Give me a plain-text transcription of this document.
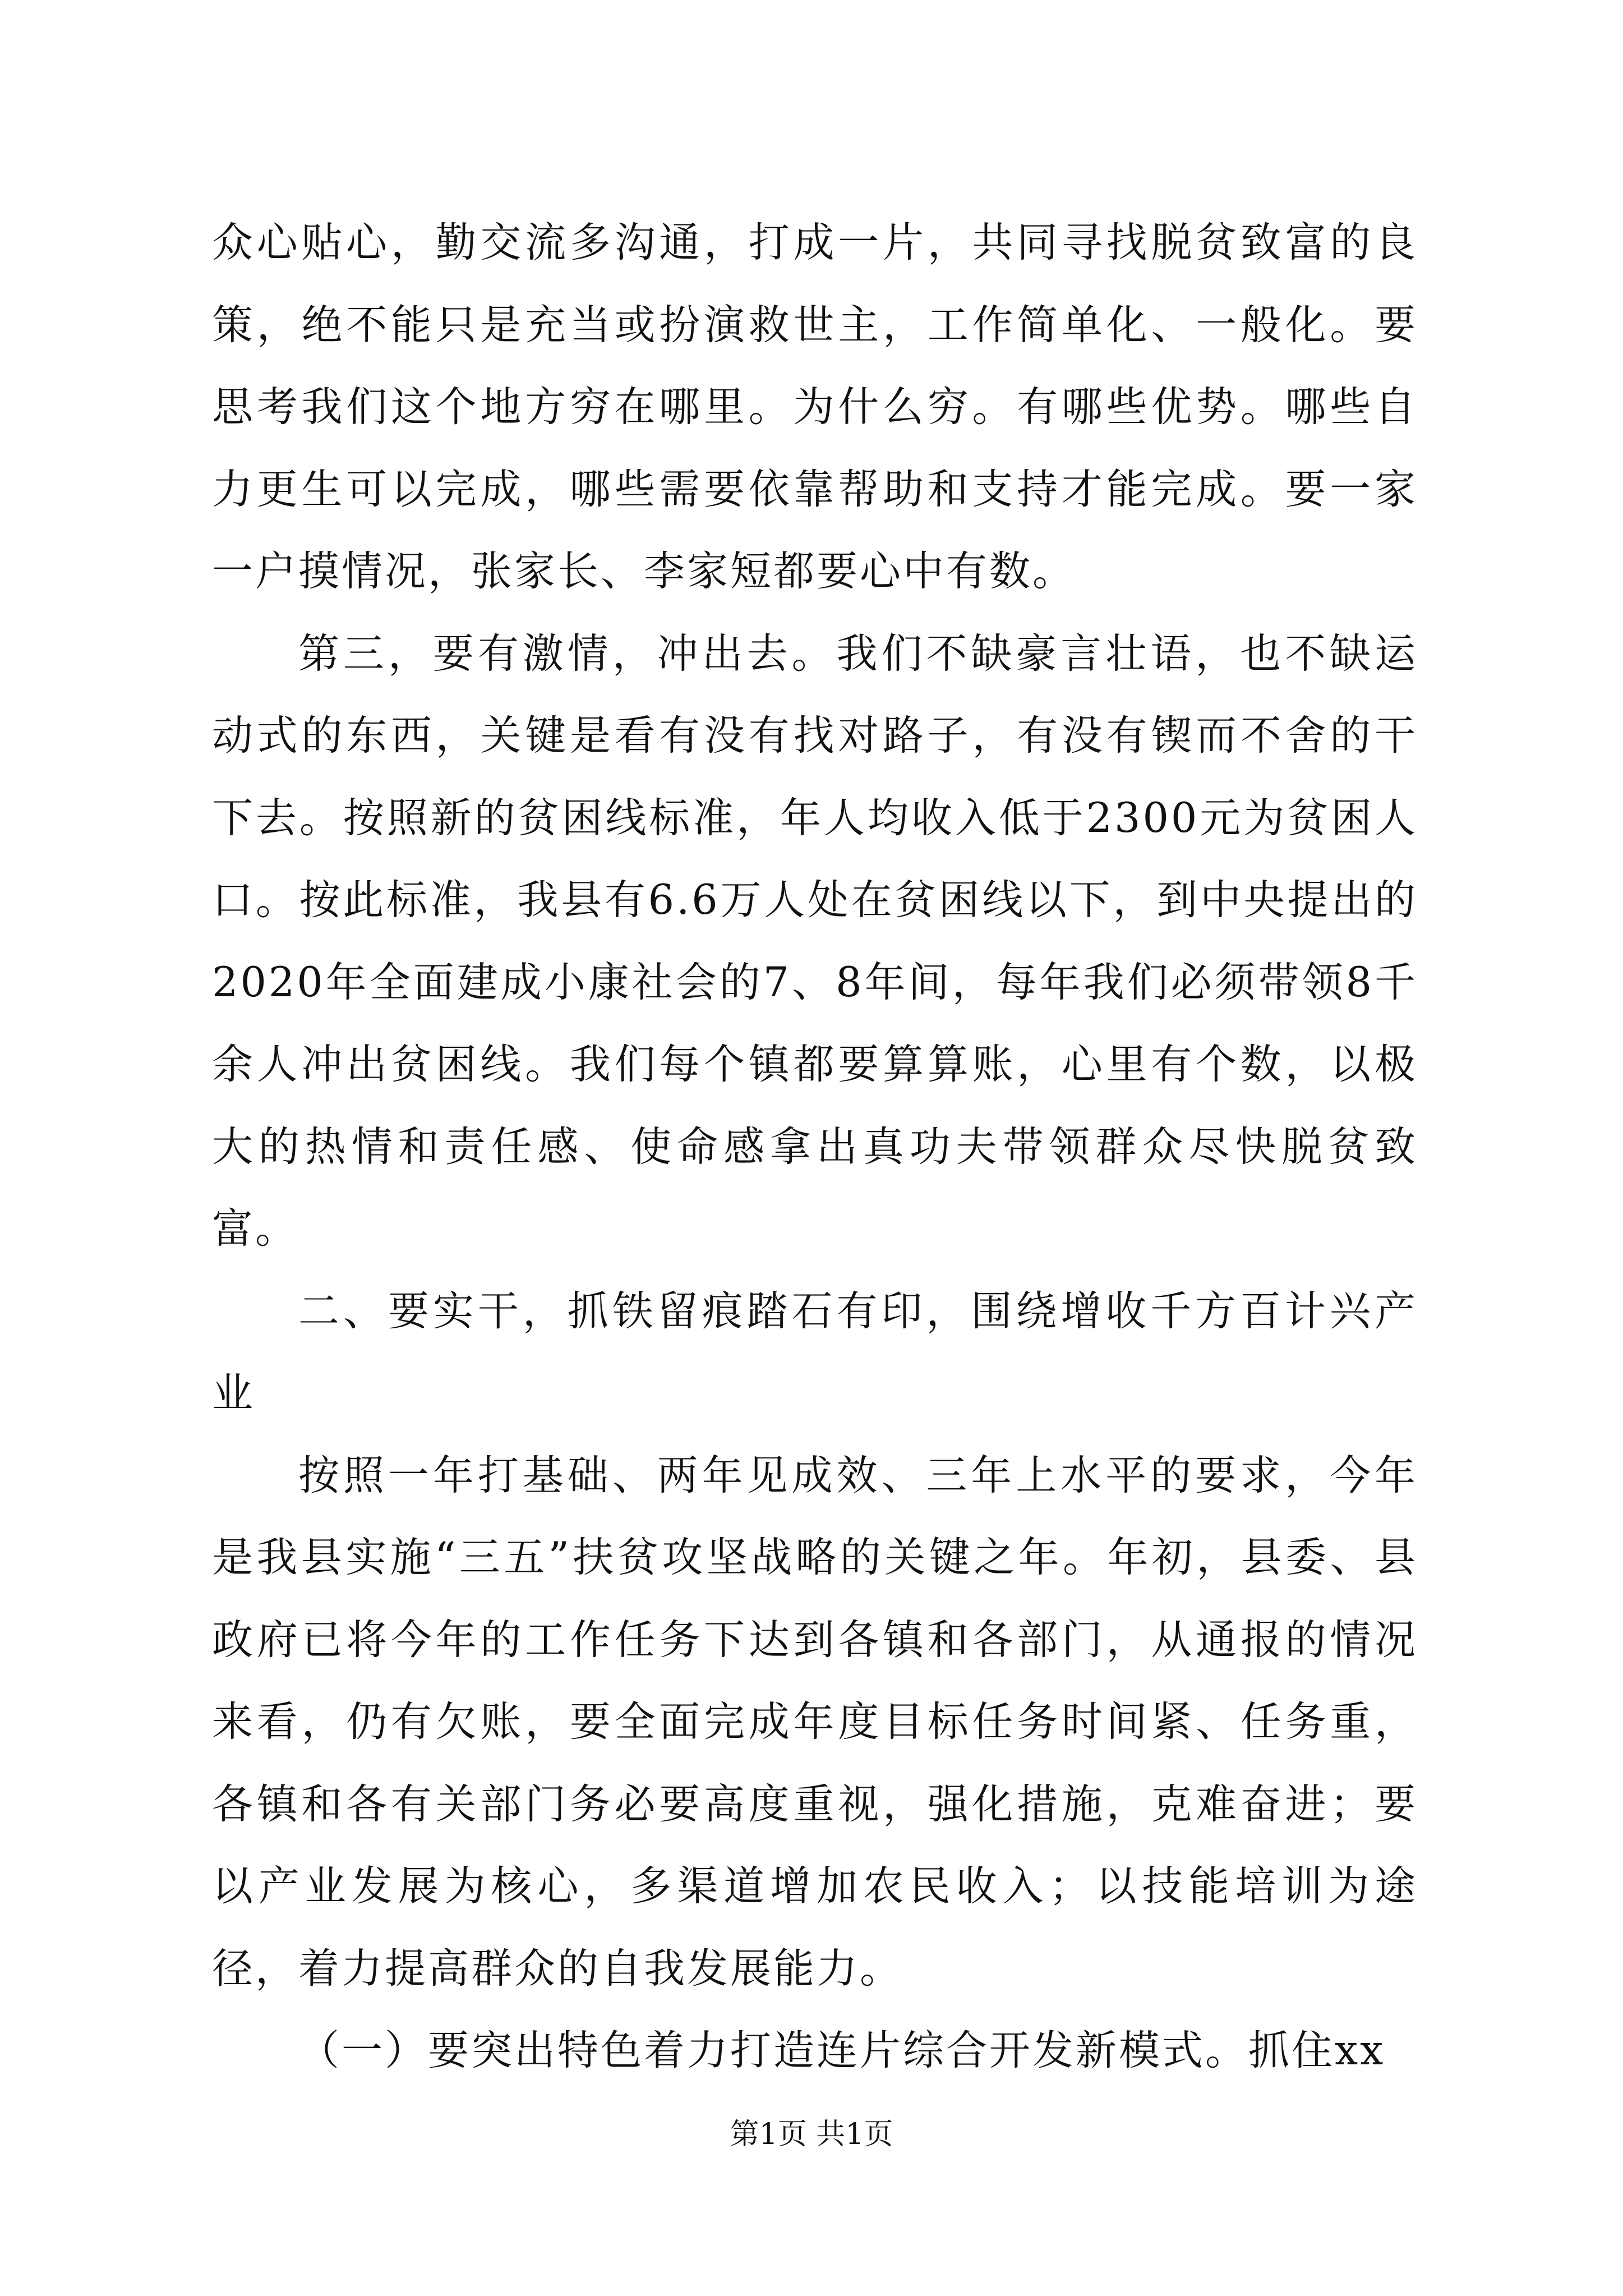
众心贴心，勤交流多沟通，打成一片，共同寻找脱贫致富的良策，绝不能只是充当或扮演救世主，工作简单化、一般化。要思考我们这个地方穷在哪里。为什么穷。有哪些优势。哪些自力更生可以完成，哪些需要依靠帮助和支持才能完成。要一家一户摸情况，张家长、李家短都要心中有数。

第三，要有激情，冲出去。我们不缺豪言壮语，也不缺运动式的东西，关键是看有没有找对路子，有没有锲而不舍的干下去。按照新的贫困线标准，年人均收入低于2300元为贫困人口。按此标准，我县有6.6万人处在贫困线以下，到中央提出的2020年全面建成小康社会的7、8年间，每年我们必须带领8千余人冲出贫困线。我们每个镇都要算算账，心里有个数，以极大的热情和责任感、使命感拿出真功夫带领群众尽快脱贫致富。

二、要实干，抓铁留痕踏石有印，围绕增收千方百计兴产业

按照一年打基础、两年见成效、三年上水平的要求，今年是我县实施“三五”扶贫攻坚战略的关键之年。年初，县委、县政府已将今年的工作任务下达到各镇和各部门，从通报的情况来看，仍有欠账，要全面完成年度目标任务时间紧、任务重，各镇和各有关部门务必要高度重视，强化措施，克难奋进；要以产业发展为核心，多渠道增加农民收入；以技能培训为途径，着力提高群众的自我发展能力。

（一）要突出特色着力打造连片综合开发新模式。抓住xx

第1页 共1页
